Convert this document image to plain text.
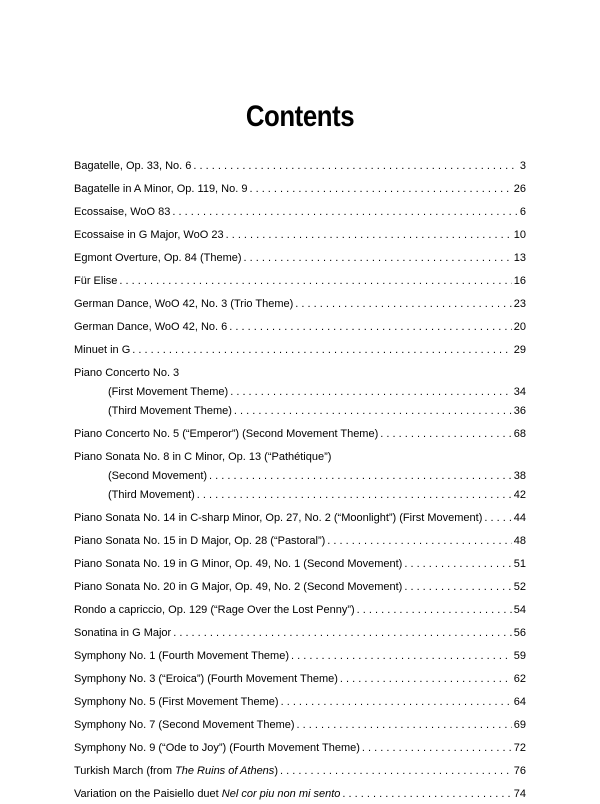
Contents
Bagatelle, Op. 33, No. 6 . . .	3
Bagatelle in A Minor, Op. 119, No. 9 . . .	26
Ecossaise, WoO 83 . . .	6
Ecossaise in G Major, WoO 23 . . .	10
Egmont Overture, Op. 84 (Theme) . . .	13
Für Elise . . .	16
German Dance, WoO 42, No. 3 (Trio Theme) . . .	23
German Dance, WoO 42, No. 6 . . .	20
Minuet in G . . .	29
Piano Concerto No. 3
(First Movement Theme) . . .	34
(Third Movement Theme) . . .	36
Piano Concerto No. 5 (“Emperor”) (Second Movement Theme) . . .	68
Piano Sonata No. 8 in C Minor, Op. 13 (“Pathétique”)
(Second Movement) . . .	38
(Third Movement) . . .	42
Piano Sonata No. 14 in C-sharp Minor, Op. 27, No. 2 (“Moonlight”) (First Movement) . . .	44
Piano Sonata No. 15 in D Major, Op. 28 (“Pastoral”) . . .	48
Piano Sonata No. 19 in G Minor, Op. 49, No. 1 (Second Movement) . . .	51
Piano Sonata No. 20 in G Major, Op. 49, No. 2 (Second Movement) . . .	52
Rondo a capriccio, Op. 129 (“Rage Over the Lost Penny”) . . .	54
Sonatina in G Major . . .	56
Symphony No. 1 (Fourth Movement Theme) . . .	59
Symphony No. 3 (“Eroica”) (Fourth Movement Theme) . . .	62
Symphony No. 5 (First Movement Theme) . . .	64
Symphony No. 7 (Second Movement Theme) . . .	69
Symphony No. 9 (“Ode to Joy”) (Fourth Movement Theme) . . .	72
Turkish March (from The Ruins of Athens) . . .	76
Variation on the Paisiello duet Nel cor piu non mi sento . . .	74
